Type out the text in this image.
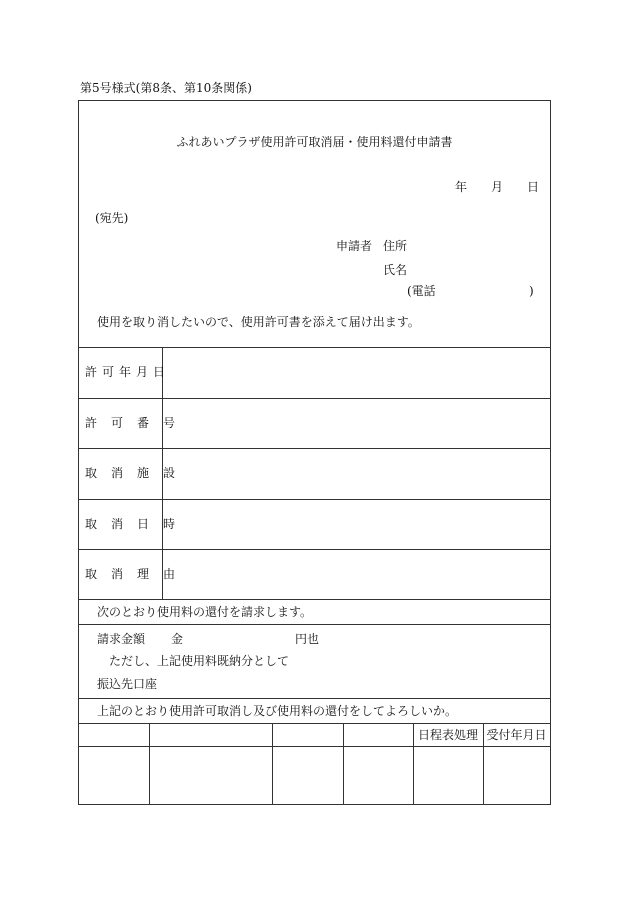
第5号様式(第8条、第10条関係)
ふれあいプラザ使用許可取消届・使用料還付申請書
年 月 日
(宛先)
申請者 住所
氏名
(電話	)
使用を取り消したいので、使用許可書を添えて届け出ます。
許可年月日
許可番号
取消施設
取消日時
取消理由
次のとおり使用料の還付を請求します。
請求金額 金	円也
ただし、上記使用料既納分として
振込先口座
上記のとおり使用許可取消し及び使用料の還付をしてよろしいか。
日程表処理 受付年月日
